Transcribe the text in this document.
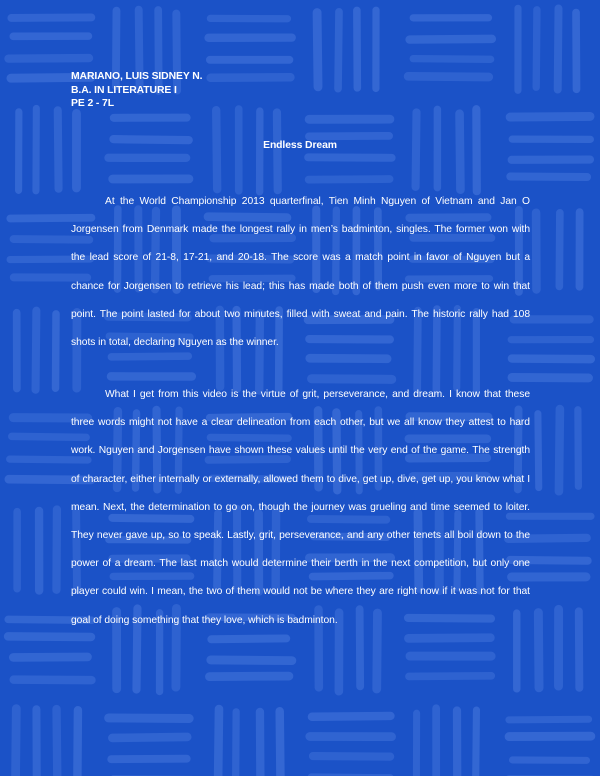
MARIANO, LUIS SIDNEY N.
B.A. IN LITERATURE I
PE 2 - 7L
Endless Dream

At the World Championship 2013 quarterfinal, Tien Minh Nguyen of Vietnam and Jan O Jorgensen from Denmark made the longest rally in men’s badminton, singles. The former won with the lead score of 21-8, 17-21, and 20-18. The score was a match point in favor of Nguyen but a chance for Jorgensen to retrieve his lead; this has made both of them push even more to win that point. The point lasted for about two minutes, filled with sweat and pain. The historic rally had 108 shots in total, declaring Nguyen as the winner.

What I get from this video is the virtue of grit, perseverance, and dream. I know that these three words might not have a clear delineation from each other, but we all know they attest to hard work. Nguyen and Jorgensen have shown these values until the very end of the game. The strength of character, either internally or externally, allowed them to dive, get up, dive, get up, you know what I mean. Next, the determination to go on, though the journey was grueling and time seemed to loiter. They never gave up, so to speak. Lastly, grit, perseverance, and any other tenets all boil down to the power of a dream. The last match would determine their berth in the next competition, but only one player could win. I mean, the two of them would not be where they are right now if it was not for that goal of doing something that they love, which is badminton.
